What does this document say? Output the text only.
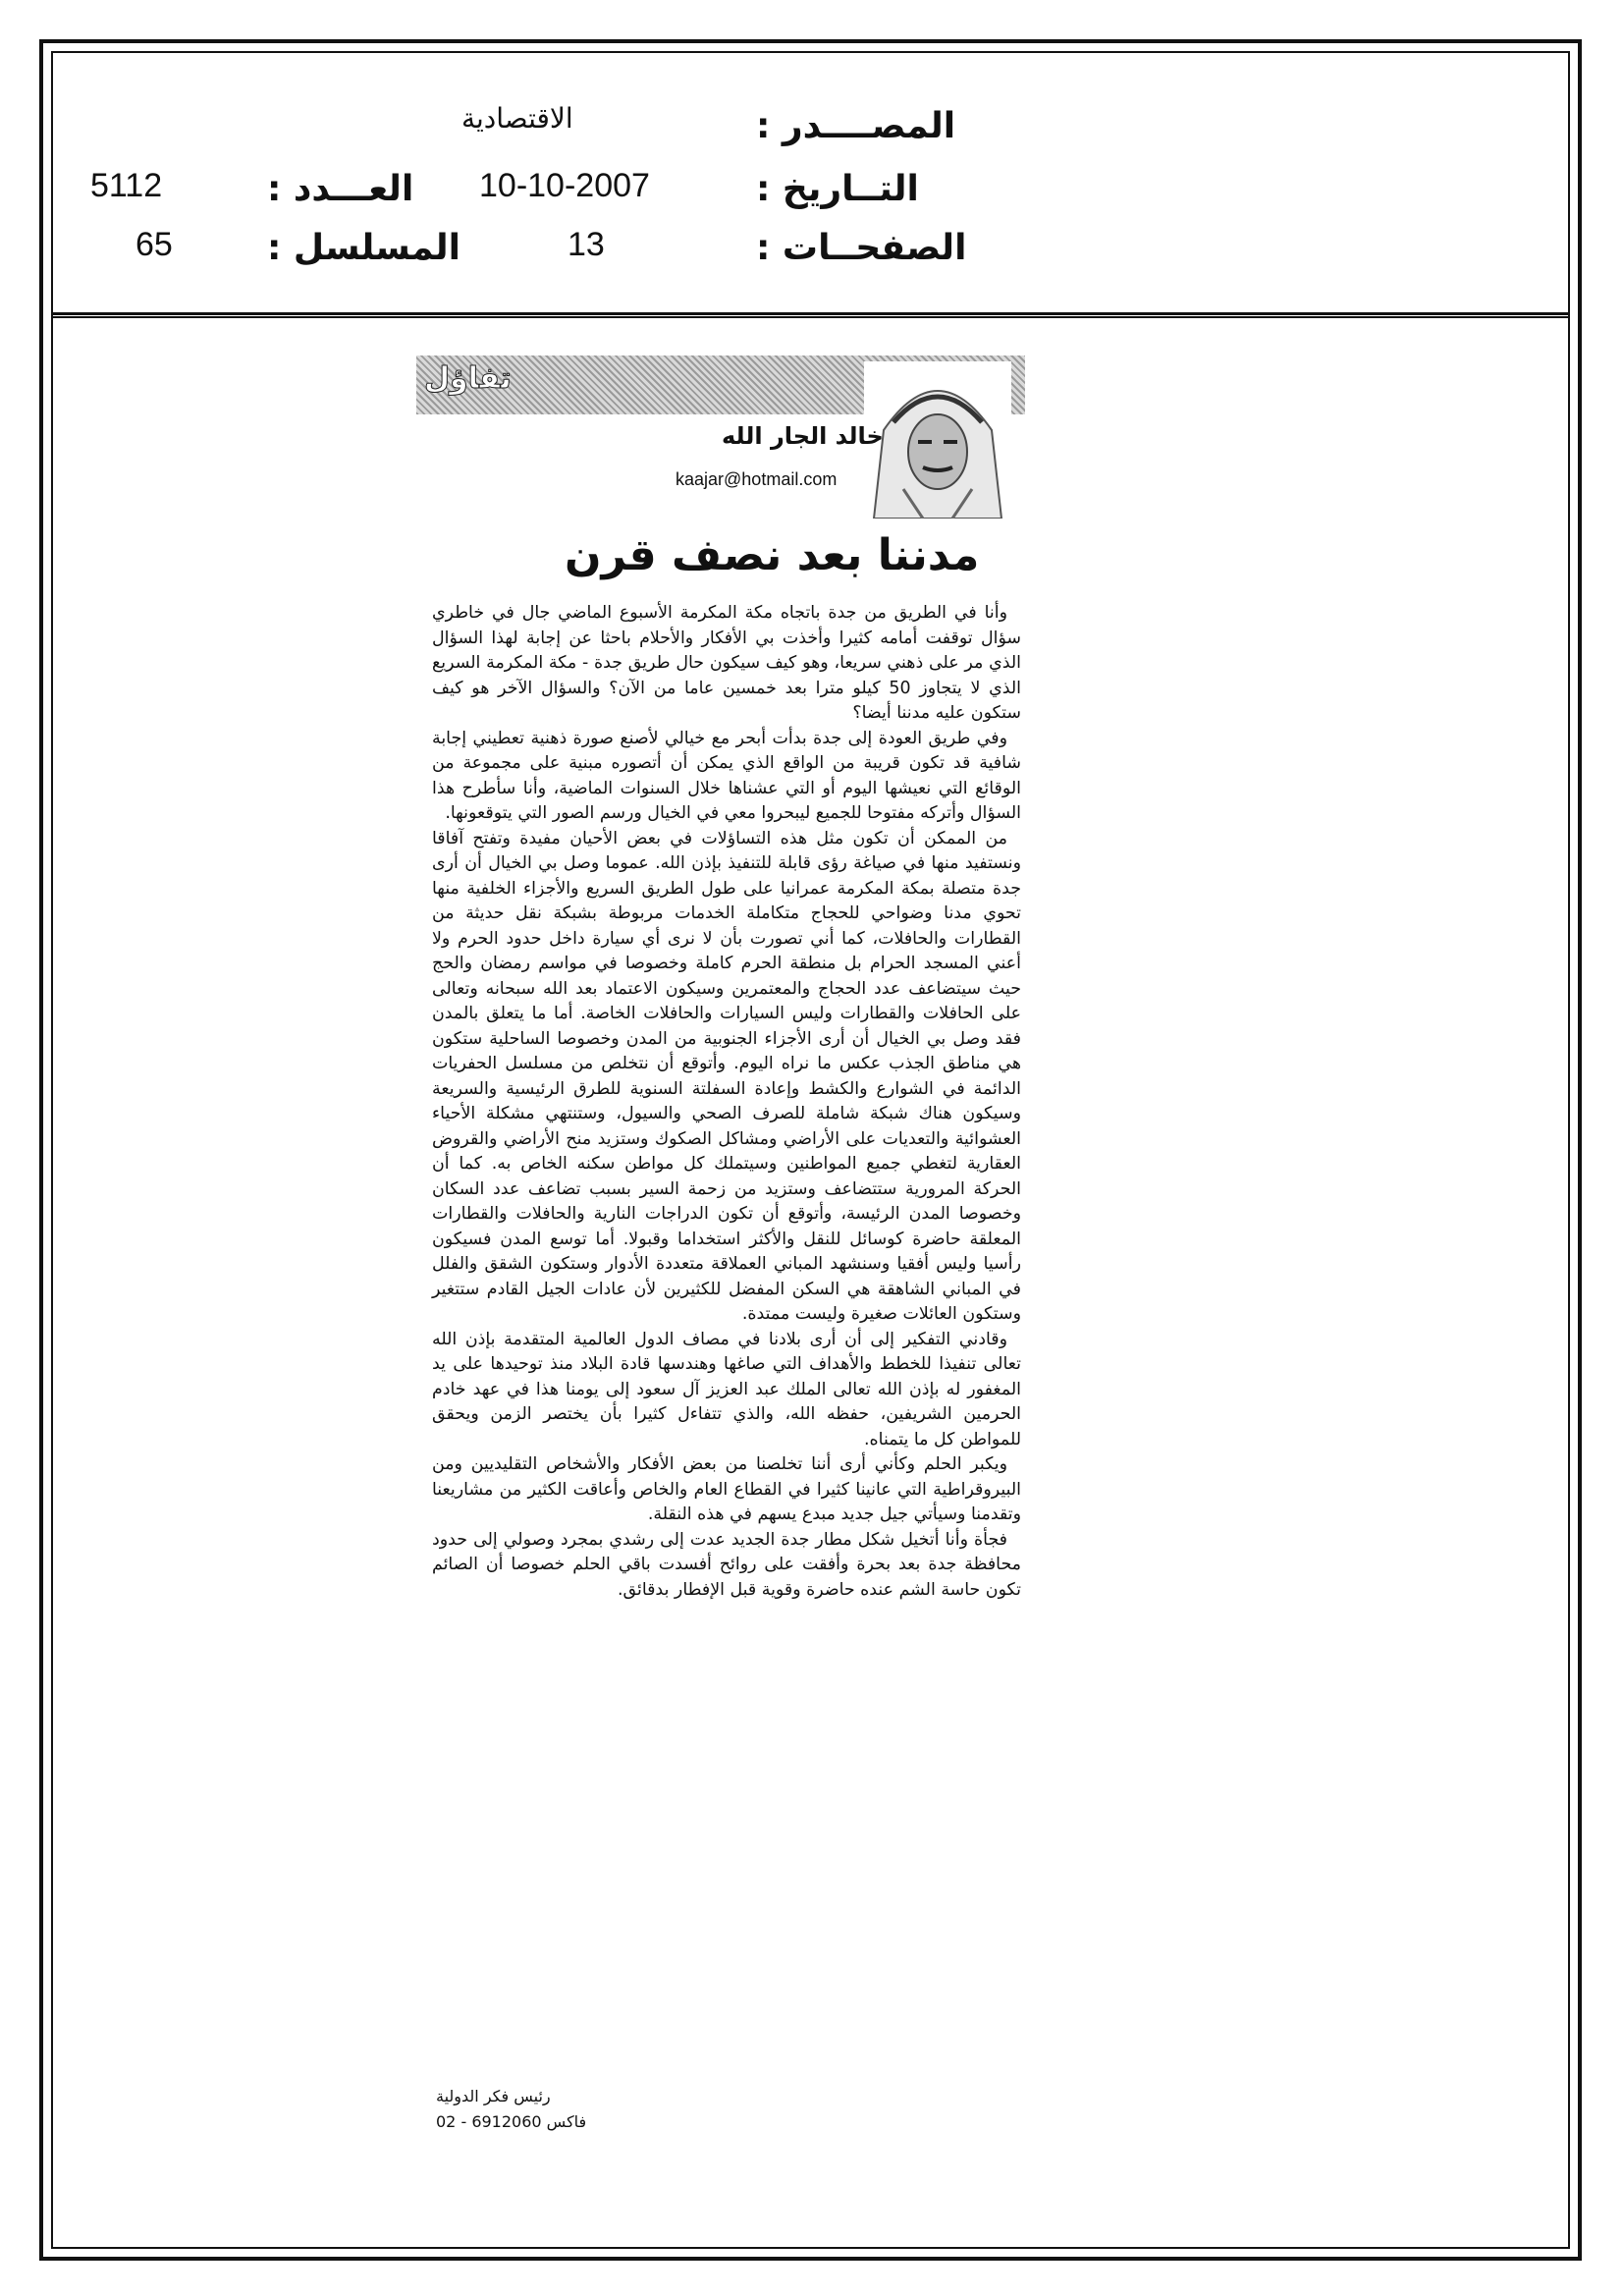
المصــــدر :
الاقتصادية
التــاريخ :
10-10-2007
الصفحــات :
13
العـــدد :
5112
المسلسل :
65
تفاؤل
خالد الجار الله
kaajar@hotmail.com
مدننا بعد نصف قرن

وأنا في الطريق من جدة باتجاه مكة المكرمة الأسبوع الماضي جال في خاطري سؤال توقفت أمامه كثيرا وأخذت بي الأفكار والأحلام باحثا عن إجابة لهذا السؤال الذي مر على ذهني سريعا، وهو كيف سيكون حال طريق جدة - مكة المكرمة السريع الذي لا يتجاوز 50 كيلو مترا بعد خمسين عاما من الآن؟ والسؤال الآخر هو كيف ستكون عليه مدننا أيضا؟

وفي طريق العودة إلى جدة بدأت أبحر مع خيالي لأصنع صورة ذهنية تعطيني إجابة شافية قد تكون قريبة من الواقع الذي يمكن أن أتصوره مبنية على مجموعة من الوقائع التي نعيشها اليوم أو التي عشناها خلال السنوات الماضية، وأنا سأطرح هذا السؤال وأتركه مفتوحا للجميع ليبحروا معي في الخيال ورسم الصور التي يتوقعونها.

من الممكن أن تكون مثل هذه التساؤلات في بعض الأحيان مفيدة وتفتح آفاقا ونستفيد منها في صياغة رؤى قابلة للتنفيذ بإذن الله. عموما وصل بي الخيال أن أرى جدة متصلة بمكة المكرمة عمرانيا على طول الطريق السريع والأجزاء الخلفية منها تحوي مدنا وضواحي للحجاج متكاملة الخدمات مربوطة بشبكة نقل حديثة من القطارات والحافلات، كما أني تصورت بأن لا نرى أي سيارة داخل حدود الحرم ولا أعني المسجد الحرام بل منطقة الحرم كاملة وخصوصا في مواسم رمضان والحج حيث سيتضاعف عدد الحجاج والمعتمرين وسيكون الاعتماد بعد الله سبحانه وتعالى على الحافلات والقطارات وليس السيارات والحافلات الخاصة. أما ما يتعلق بالمدن فقد وصل بي الخيال أن أرى الأجزاء الجنوبية من المدن وخصوصا الساحلية ستكون هي مناطق الجذب عكس ما نراه اليوم. وأتوقع أن نتخلص من مسلسل الحفريات الدائمة في الشوارع والكشط وإعادة السفلتة السنوية للطرق الرئيسية والسريعة وسيكون هناك شبكة شاملة للصرف الصحي والسيول، وستنتهي مشكلة الأحياء العشوائية والتعديات على الأراضي ومشاكل الصكوك وستزيد منح الأراضي والقروض العقارية لتغطي جميع المواطنين وسيتملك كل مواطن سكنه الخاص به. كما أن الحركة المرورية ستتضاعف وستزيد من زحمة السير بسبب تضاعف عدد السكان وخصوصا المدن الرئيسة، وأتوقع أن تكون الدراجات النارية والحافلات والقطارات المعلقة حاضرة كوسائل للنقل والأكثر استخداما وقبولا. أما توسع المدن فسيكون رأسيا وليس أفقيا وسنشهد المباني العملاقة متعددة الأدوار وستكون الشقق والفلل في المباني الشاهقة هي السكن المفضل للكثيرين لأن عادات الجيل القادم ستتغير وستكون العائلات صغيرة وليست ممتدة.

وقادني التفكير إلى أن أرى بلادنا في مصاف الدول العالمية المتقدمة بإذن الله تعالى تنفيذا للخطط والأهداف التي صاغها وهندسها قادة البلاد منذ توحيدها على يد المغفور له بإذن الله تعالى الملك عبد العزيز آل سعود إلى يومنا هذا في عهد خادم الحرمين الشريفين، حفظه الله، والذي تتفاءل كثيرا بأن يختصر الزمن ويحقق للمواطن كل ما يتمناه.

ويكبر الحلم وكأني أرى أننا تخلصنا من بعض الأفكار والأشخاص التقليديين ومن البيروقراطية التي عانينا كثيرا في القطاع العام والخاص وأعاقت الكثير من مشاريعنا وتقدمنا وسيأتي جيل جديد مبدع يسهم في هذه النقلة.

فجأة وأنا أتخيل شكل مطار جدة الجديد عدت إلى رشدي بمجرد وصولي إلى حدود محافظة جدة بعد بحرة وأفقت على روائح أفسدت باقي الحلم خصوصا أن الصائم تكون حاسة الشم عنده حاضرة وقوية قبل الإفطار بدقائق.

رئيس فكر الدولية
فاكس 6912060 - 02
